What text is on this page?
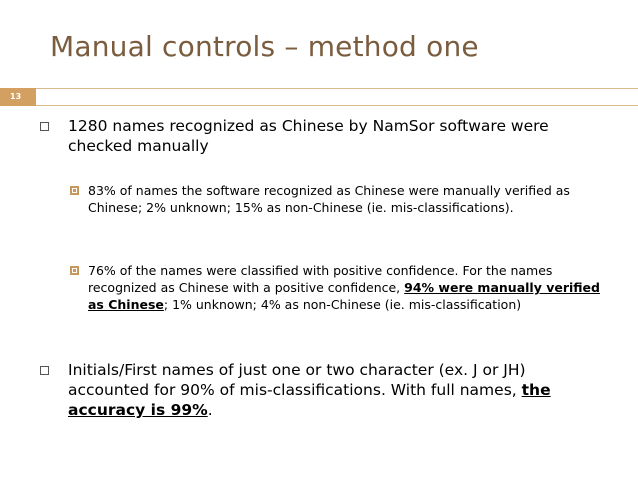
Manual controls – method one
13
1280 names recognized as Chinese by NamSor software were checked manually
83% of names the software recognized as Chinese were manually verified as Chinese; 2% unknown; 15% as non-Chinese (ie. mis-classifications).
76% of the names were classified with positive confidence. For the names recognized as Chinese with a positive confidence, 94% were manually verified as Chinese; 1% unknown; 4% as non-Chinese (ie. mis-classification)
Initials/First names of just one or two character (ex. J or JH) accounted for 90% of mis-classifications. With full names, the accuracy is 99%.
